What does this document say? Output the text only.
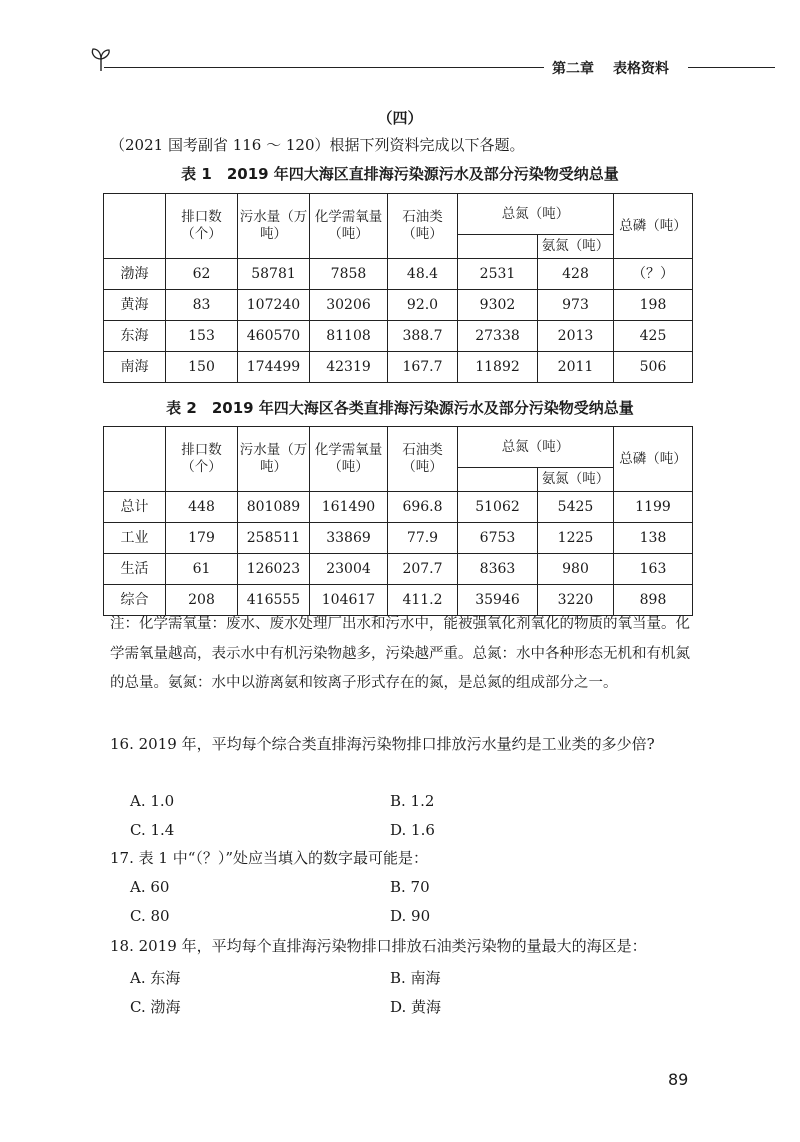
第二章 表格资料
（四）
（2021 国考副省 116 ～ 120）根据下列资料完成以下各题。
表 1　2019 年四大海区直排海污染源污水及部分污染物受纳总量
	排口数（个）	污水量（万吨）	化学需氧量（吨）	石油类（吨）	总氮（吨）		总磷（吨）
						氨氮（吨）	
渤海	62	58781	7858	48.4	2531	428	（？）
黄海	83	107240	30206	92.0	9302	973	198
东海	153	460570	81108	388.7	27338	2013	425
南海	150	174499	42319	167.7	11892	2011	506
表 2　2019 年四大海区各类直排海污染源污水及部分污染物受纳总量
	排口数（个）	污水量（万吨）	化学需氧量（吨）	石油类（吨）	总氮（吨）		总磷（吨）
						氨氮（吨）	
总计	448	801089	161490	696.8	51062	5425	1199
工业	179	258511	33869	77.9	6753	1225	138
生活	61	126023	23004	207.7	8363	980	163
综合	208	416555	104617	411.2	35946	3220	898
注：化学需氧量：废水、废水处理厂出水和污水中，能被强氧化剂氧化的物质的氧当量。化学需氧量越高，表示水中有机污染物越多，污染越严重。总氮：水中各种形态无机和有机氮的总量。氨氮：水中以游离氨和铵离子形式存在的氮，是总氮的组成部分之一。
16. 2019 年，平均每个综合类直排海污染物排口排放污水量约是工业类的多少倍?
A. 1.0	B. 1.2
C. 1.4	D. 1.6
17. 表 1 中“（？）”处应当填入的数字最可能是：
A. 60	B. 70
C. 80	D. 90
18. 2019 年，平均每个直排海污染物排口排放石油类污染物的量最大的海区是：
A. 东海	B. 南海
C. 渤海	D. 黄海
89
